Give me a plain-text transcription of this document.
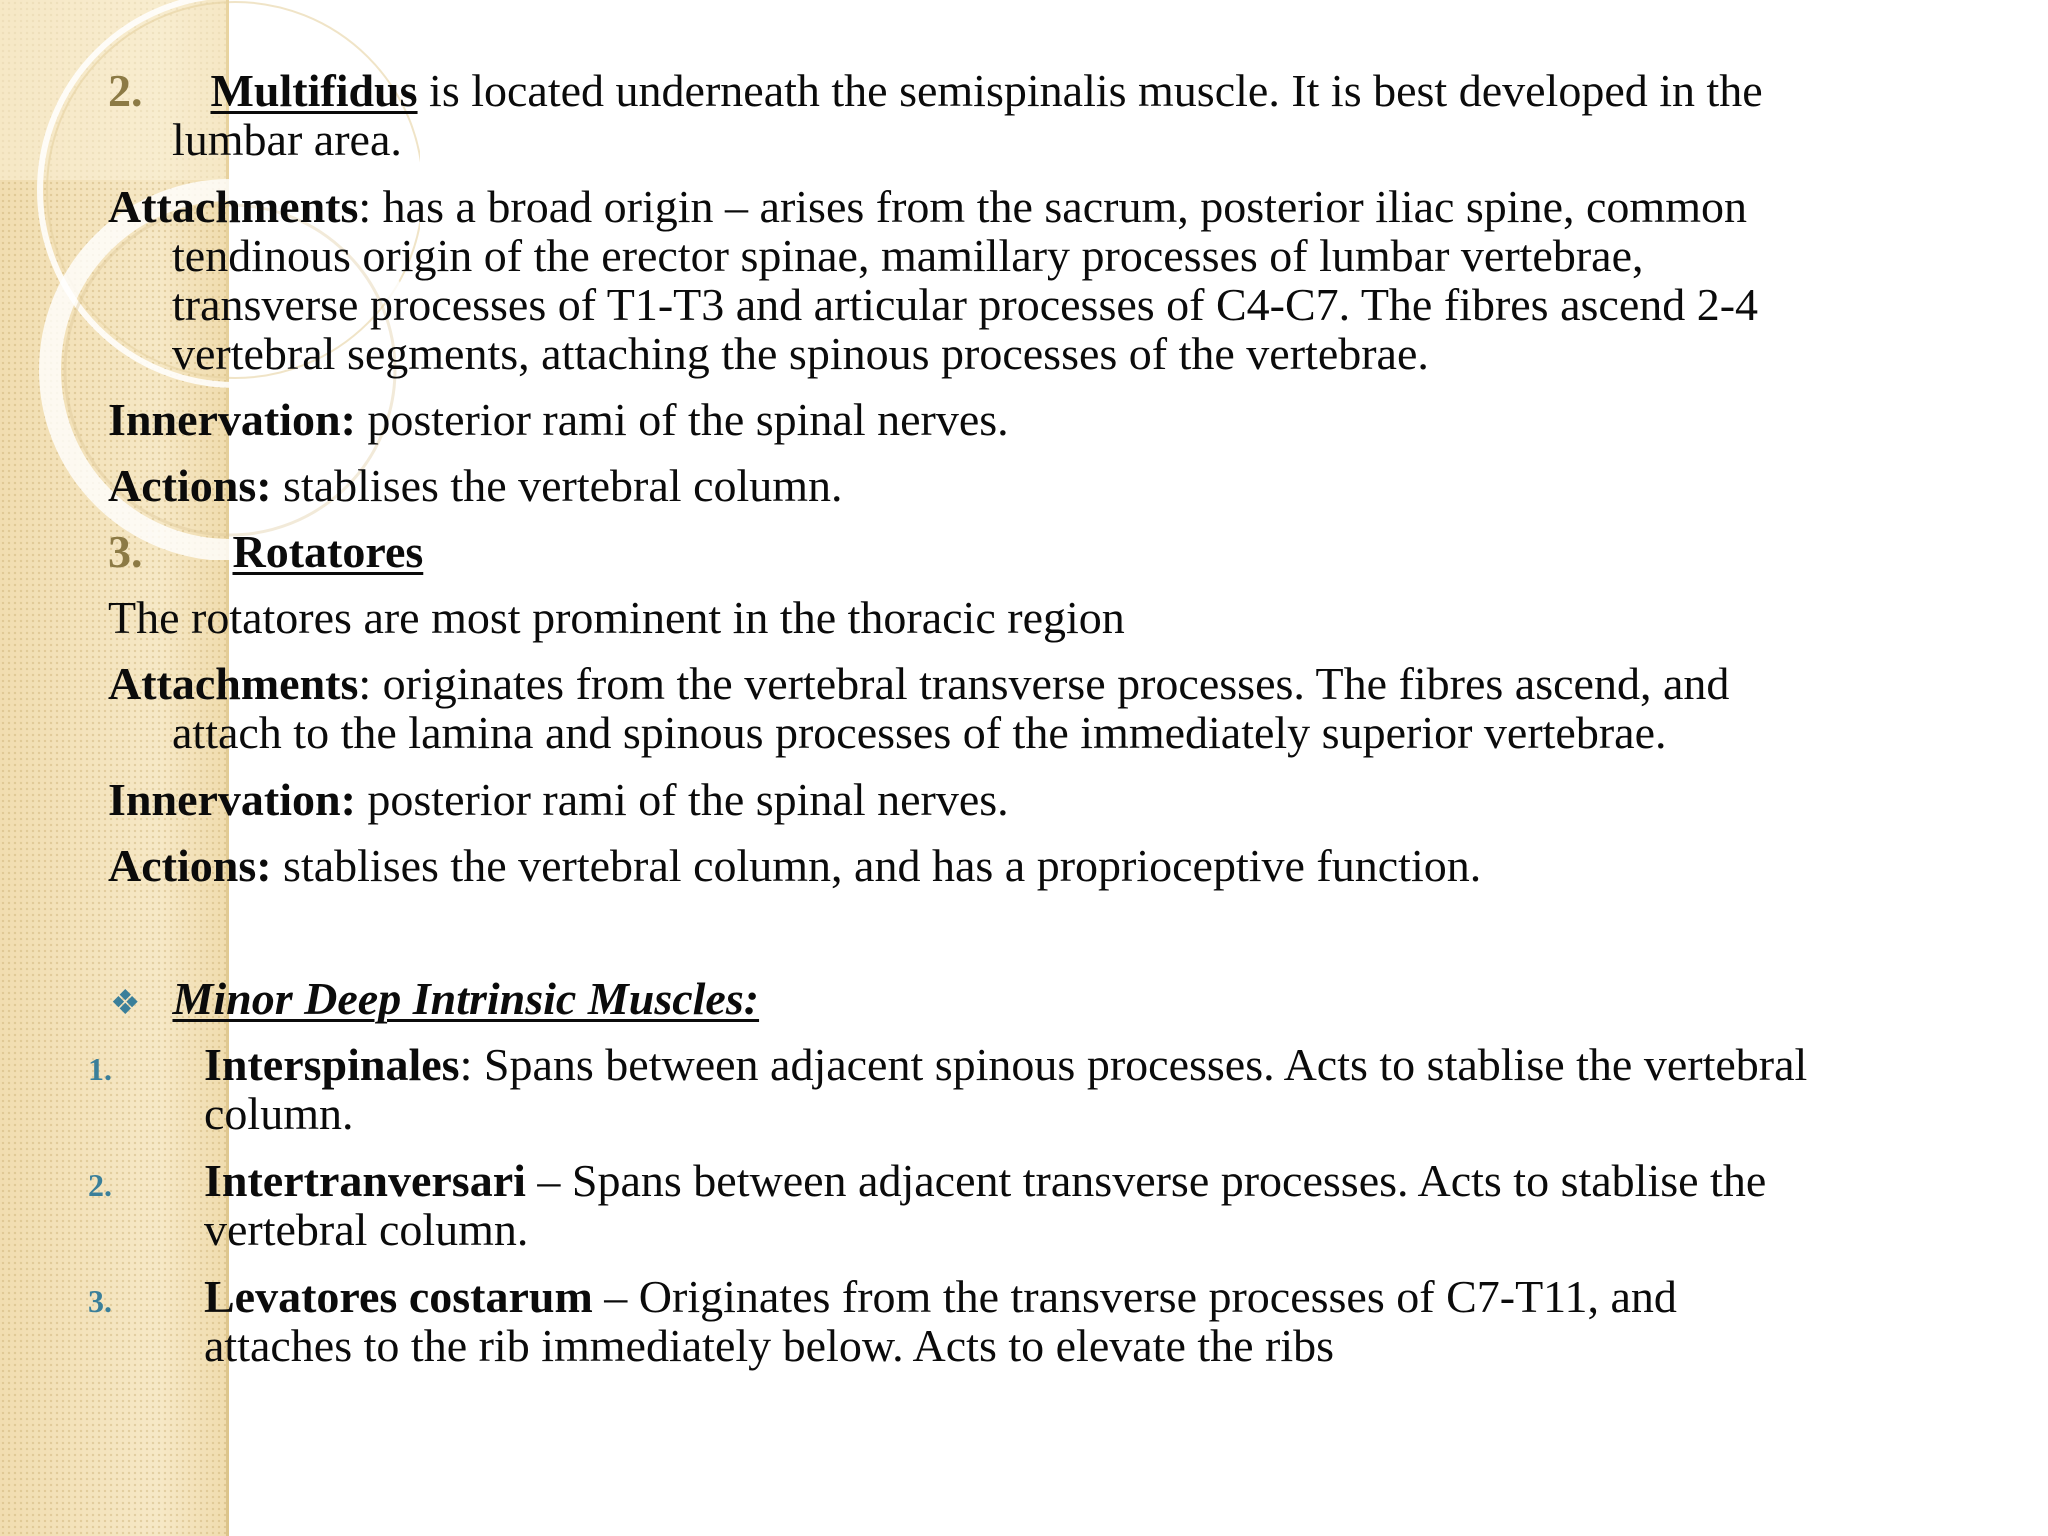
2. Multifidus is located underneath the semispinalis muscle. It is best developed in the
lumbar area.
Attachments: has a broad origin – arises from the sacrum, posterior iliac spine, common
tendinous origin of the erector spinae, mamillary processes of lumbar vertebrae,
transverse processes of T1-T3 and articular processes of C4-C7. The fibres ascend 2-4
vertebral segments, attaching the spinous processes of the vertebrae.
Innervation: posterior rami of the spinal nerves.
Actions: stablises the vertebral column.
3. Rotatores
The rotatores are most prominent in the thoracic region
Attachments: originates from the vertebral transverse processes. The fibres ascend, and
attach to the lamina and spinous processes of the immediately superior vertebrae.
Innervation: posterior rami of the spinal nerves.
Actions: stablises the vertebral column, and has a proprioceptive function.
❖ Minor Deep Intrinsic Muscles:
1. Interspinales: Spans between adjacent spinous processes. Acts to stablise the vertebral
column.
2. Intertranversari – Spans between adjacent transverse processes. Acts to stablise the
vertebral column.
3. Levatores costarum – Originates from the transverse processes of C7-T11, and
attaches to the rib immediately below. Acts to elevate the ribs
